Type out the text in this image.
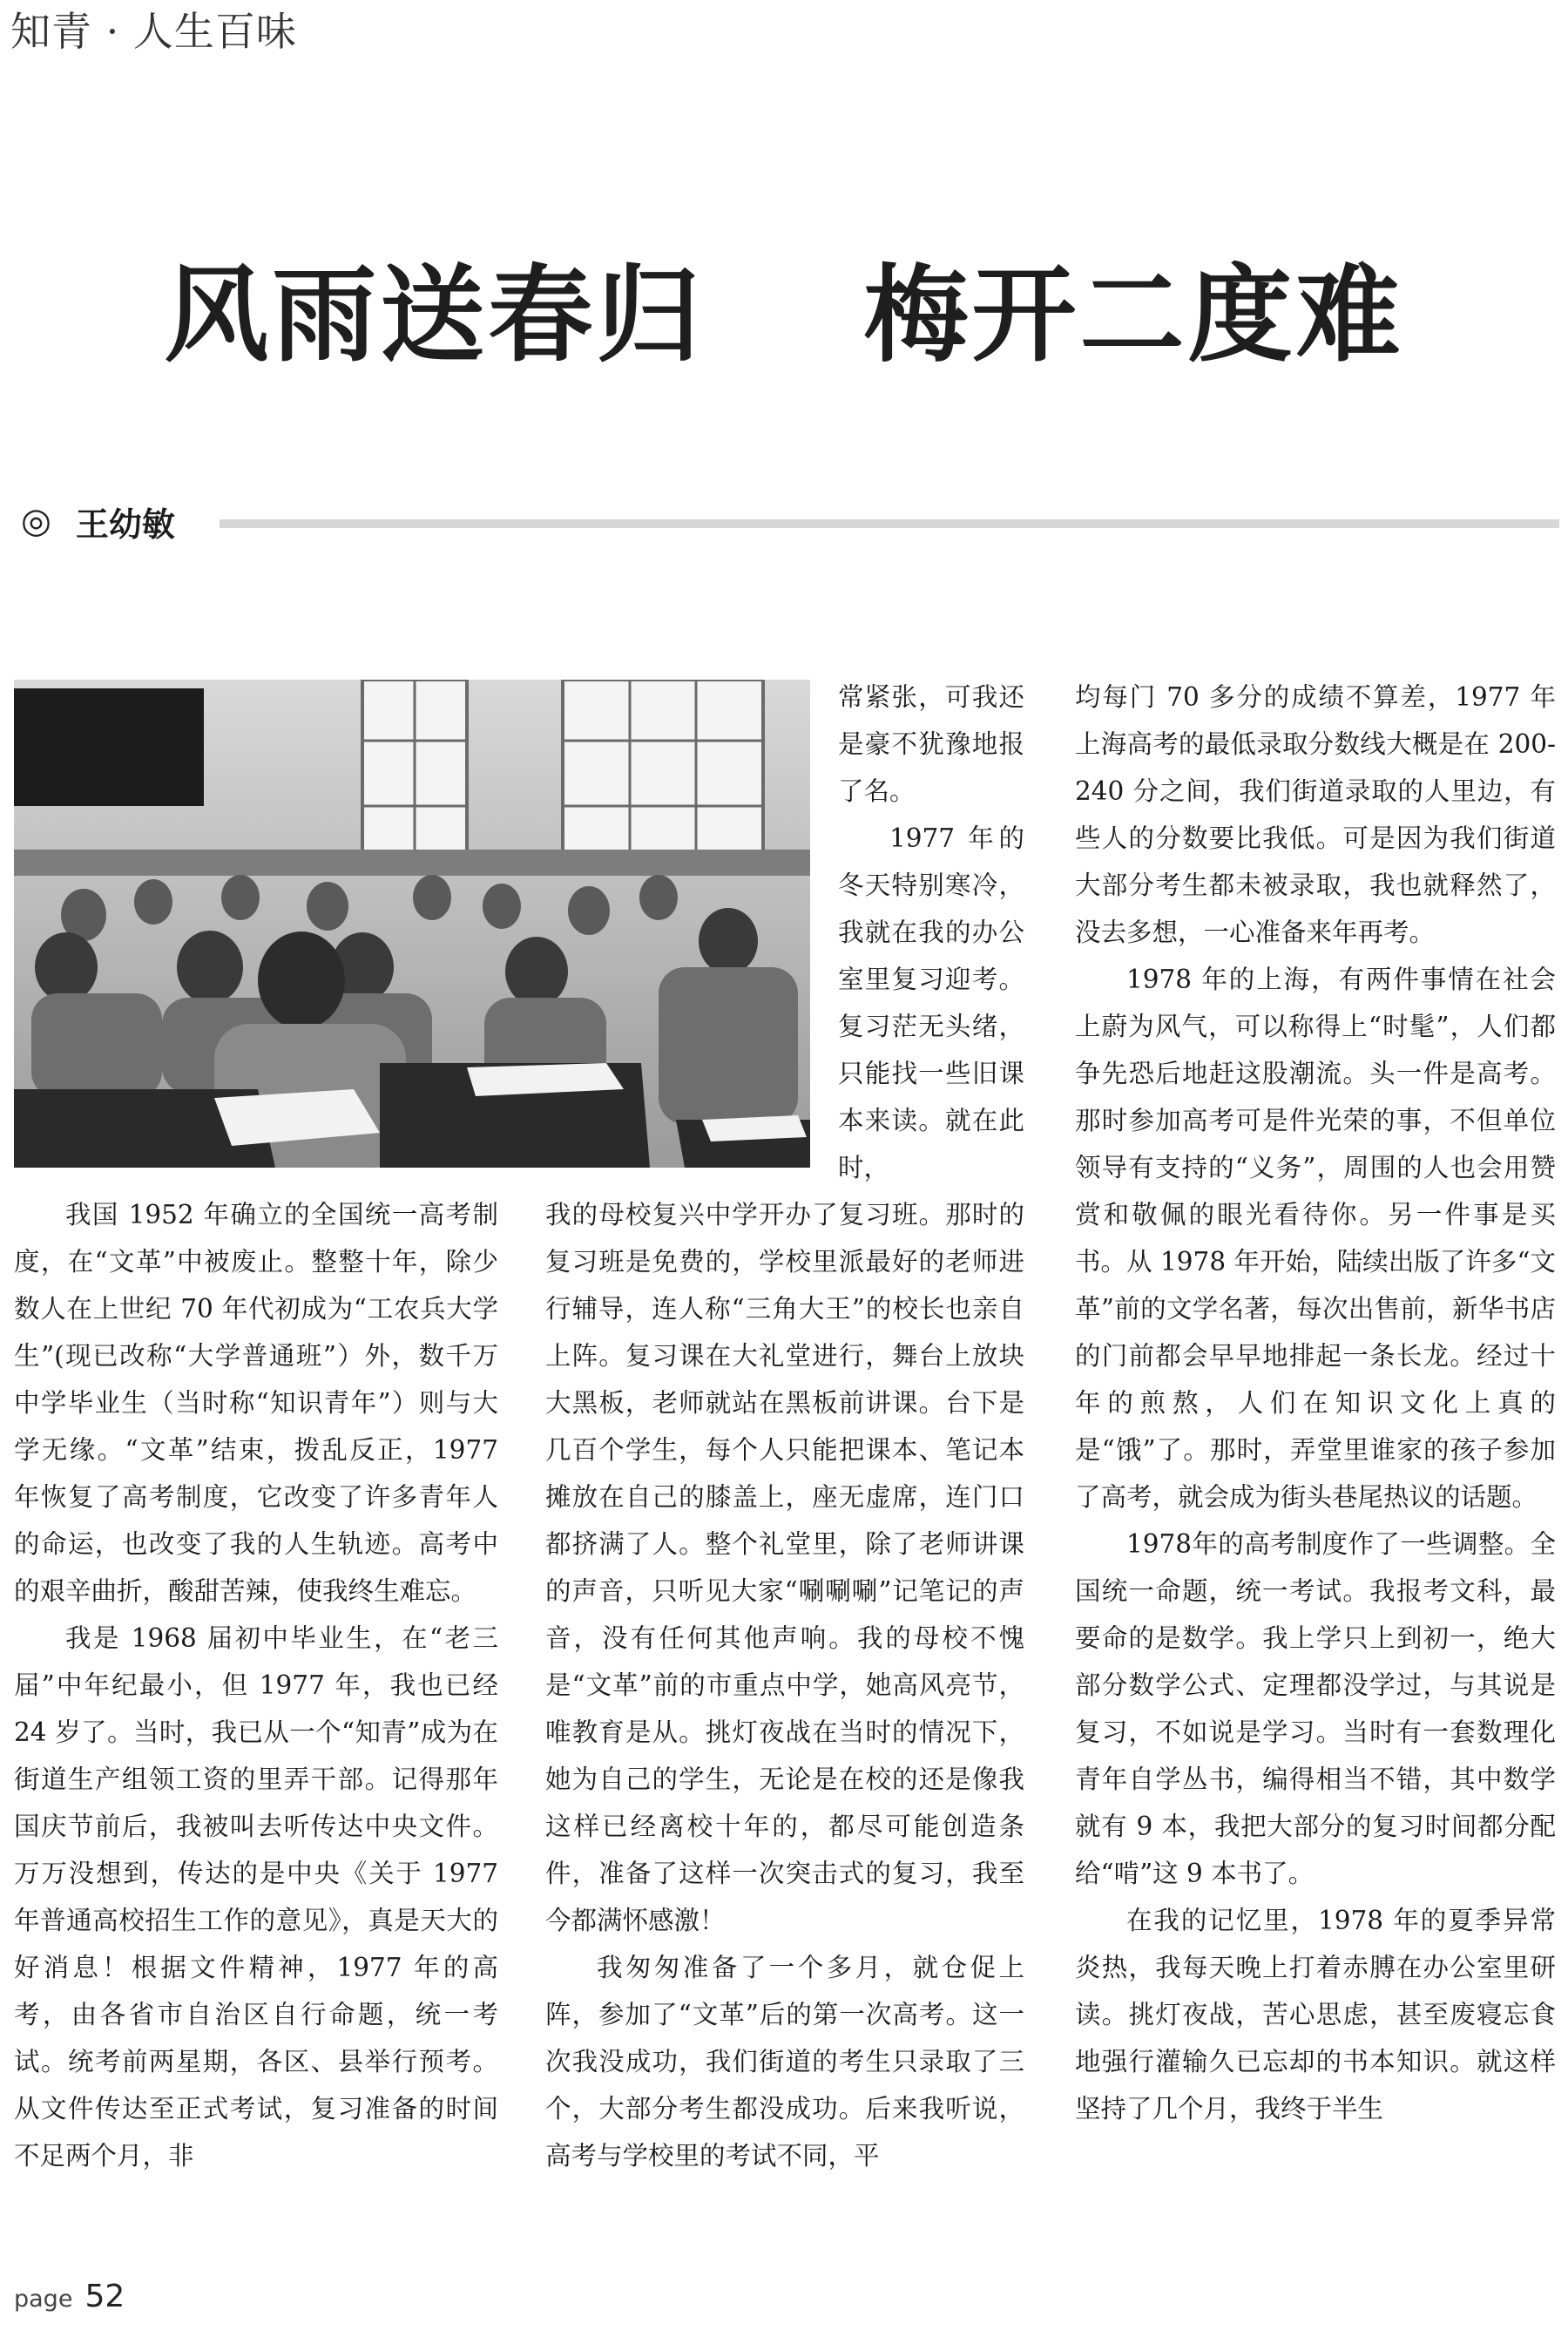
知青 · 人生百味
风雨送春归    梅开二度难
◎ 王幼敏

我国 1952 年确立的全国统一高考制度，在“文革”中被废止。整整十年，除少数人在上世纪 70 年代初成为“工农兵大学生”(现已改称“大学普通班”）外，数千万中学毕业生（当时称“知识青年”）则与大学无缘。“文革”结束，拨乱反正，1977 年恢复了高考制度，它改变了许多青年人的命运，也改变了我的人生轨迹。高考中的艰辛曲折，酸甜苦辣，使我终生难忘。

我是 1968 届初中毕业生，在“老三届”中年纪最小，但 1977 年，我也已经 24 岁了。当时，我已从一个“知青”成为在街道生产组领工资的里弄干部。记得那年国庆节前后，我被叫去听传达中央文件。万万没想到，传达的是中央《关于 1977 年普通高校招生工作的意见》，真是天大的好消息！根据文件精神，1977 年的高考，由各省市自治区自行命题，统一考试。统考前两星期，各区、县举行预考。从文件传达至正式考试，复习准备的时间不足两个月，非

常紧张，可我还是豪不犹豫地报了名。

1977 年的冬天特别寒冷，我就在我的办公室里复习迎考。复习茫无头绪，只能找一些旧课本来读。就在此时，

我的母校复兴中学开办了复习班。那时的复习班是免费的，学校里派最好的老师进行辅导，连人称“三角大王”的校长也亲自上阵。复习课在大礼堂进行，舞台上放块大黑板，老师就站在黑板前讲课。台下是几百个学生，每个人只能把课本、笔记本摊放在自己的膝盖上，座无虚席，连门口都挤满了人。整个礼堂里，除了老师讲课的声音，只听见大家“唰唰唰”记笔记的声音，没有任何其他声响。我的母校不愧是“文革”前的市重点中学，她高风亮节，唯教育是从。挑灯夜战在当时的情况下，她为自己的学生，无论是在校的还是像我这样已经离校十年的，都尽可能创造条件，准备了这样一次突击式的复习，我至今都满怀感激！

我匆匆准备了一个多月，就仓促上阵，参加了“文革”后的第一次高考。这一次我没成功，我们街道的考生只录取了三个，大部分考生都没成功。后来我听说，高考与学校里的考试不同，平

均每门 70 多分的成绩不算差，1977 年上海高考的最低录取分数线大概是在 200-240 分之间，我们街道录取的人里边，有些人的分数要比我低。可是因为我们街道大部分考生都未被录取，我也就释然了，没去多想，一心准备来年再考。

1978 年的上海，有两件事情在社会上蔚为风气，可以称得上“时髦”，人们都争先恐后地赶这股潮流。头一件是高考。那时参加高考可是件光荣的事，不但单位领导有支持的“义务”，周围的人也会用赞赏和敬佩的眼光看待你。另一件事是买书。从 1978 年开始，陆续出版了许多“文革”前的文学名著，每次出售前，新华书店的门前都会早早地排起一条长龙。经过十年的煎熬，人们在知识文化上真的是“饿”了。那时，弄堂里谁家的孩子参加了高考，就会成为街头巷尾热议的话题。

1978年的高考制度作了一些调整。全国统一命题，统一考试。我报考文科，最要命的是数学。我上学只上到初一，绝大部分数学公式、定理都没学过，与其说是复习，不如说是学习。当时有一套数理化青年自学丛书，编得相当不错，其中数学就有 9 本，我把大部分的复习时间都分配给“啃”这 9 本书了。

在我的记忆里，1978 年的夏季异常炎热，我每天晚上打着赤膊在办公室里研读。挑灯夜战，苦心思虑，甚至废寝忘食地强行灌输久已忘却的书本知识。就这样坚持了几个月，我终于半生

page 52
